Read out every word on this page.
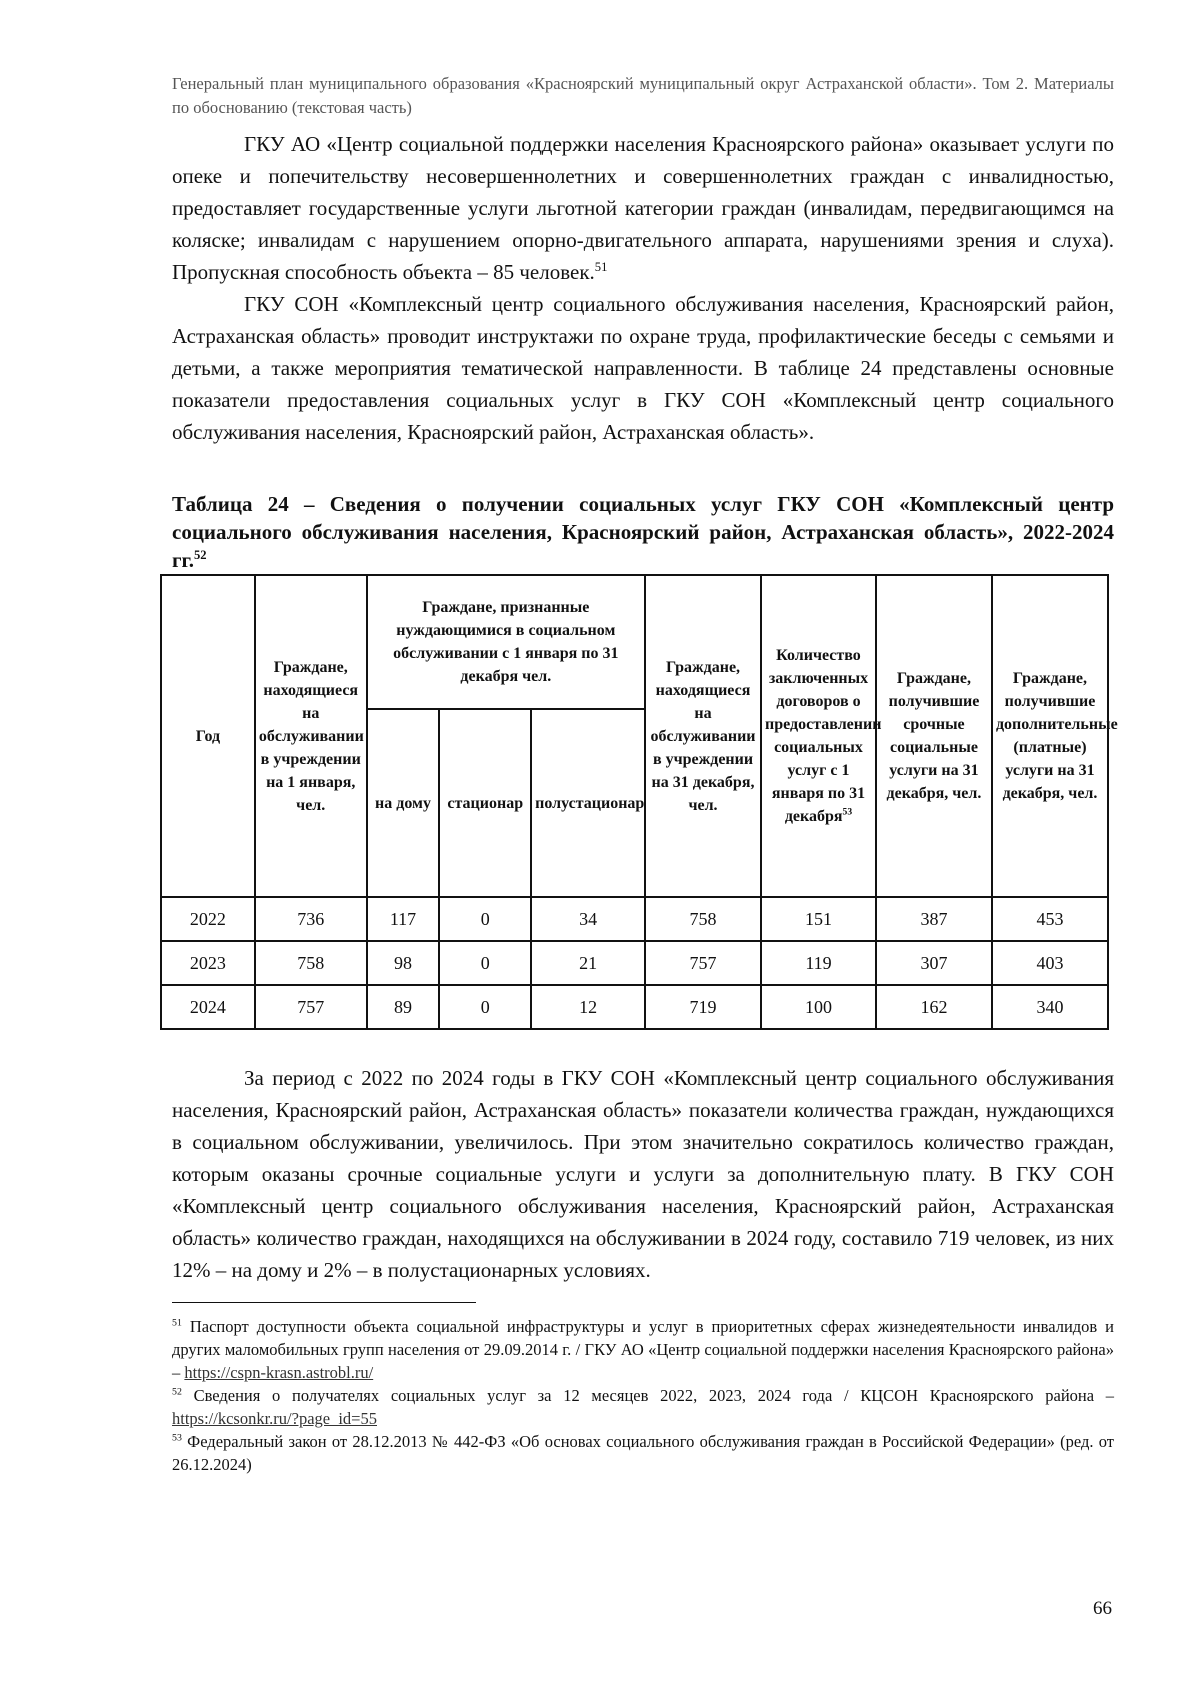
Генеральный план муниципального образования «Красноярский муниципальный округ Астраханской области». Том 2. Материалы по обоснованию (текстовая часть)

ГКУ АО «Центр социальной поддержки населения Красноярского района» оказывает услуги по опеке и попечительству несовершеннолетних и совершеннолетних граждан с инвалидностью, предоставляет государственные услуги льготной категории граждан (инвалидам, передвигающимся на коляске; инвалидам с нарушением опорно-двигательного аппарата, нарушениями зрения и слуха). Пропускная способность объекта – 85 человек.$^{51}$

ГКУ СОН «Комплексный центр социального обслуживания населения, Красноярский район, Астраханская область» проводит инструктажи по охране труда, профилактические беседы с семьями и детьми, а также мероприятия тематической направленности. В таблице 24 представлены основные показатели предоставления социальных услуг в ГКУ СОН «Комплексный центр социального обслуживания населения, Красноярский район, Астраханская область».

Таблица 24 – Сведения о получении социальных услуг ГКУ СОН «Комплексный центр социального обслуживания населения, Красноярский район, Астраханская область», 2022-2024 гг.$^{52}$

Год	Граждане, находящиеся на обслуживании в учреждении на 1 января, чел.	Граждане, признанные нуждающимися в социальном обслуживании с 1 января по 31 декабря чел.			Граждане, находящиеся на обслуживании в учреждении на 31 декабря, чел.	Количество заключенных договоров о предоставлении социальных услуг с 1 января по 31 декабря$^{53}$	Граждане, получившие срочные социальные услуги на 31 декабря, чел.	Граждане, получившие дополнительные (платные) услуги на 31 декабря, чел.
		на дому	стационар	полустационар				
2022	736	117	0	34	758	151	387	453
2023	758	98	0	21	757	119	307	403
2024	757	89	0	12	719	100	162	340

За период с 2022 по 2024 годы в ГКУ СОН «Комплексный центр социального обслуживания населения, Красноярский район, Астраханская область» показатели количества граждан, нуждающихся в социальном обслуживании, увеличилось. При этом значительно сократилось количество граждан, которым оказаны срочные социальные услуги и услуги за дополнительную плату. В ГКУ СОН «Комплексный центр социального обслуживания населения, Красноярский район, Астраханская область» количество граждан, находящихся на обслуживании в 2024 году, составило 719 человек, из них 12% – на дому и 2% – в полустационарных условиях.

$^{51}$ Паспорт доступности объекта социальной инфраструктуры и услуг в приоритетных сферах жизнедеятельности инвалидов и других маломобильных групп населения от 29.09.2014 г. / ГКУ АО «Центр социальной поддержки населения Красноярского района» – https://cspn-krasn.astrobl.ru/

$^{52}$ Сведения о получателях социальных услуг за 12 месяцев 2022, 2023, 2024 года / КЦСОН Красноярского района – https://kcsonkr.ru/?page_id=55

$^{53}$ Федеральный закон от 28.12.2013 № 442-ФЗ «Об основах социального обслуживания граждан в Российской Федерации» (ред. от 26.12.2024)

66
